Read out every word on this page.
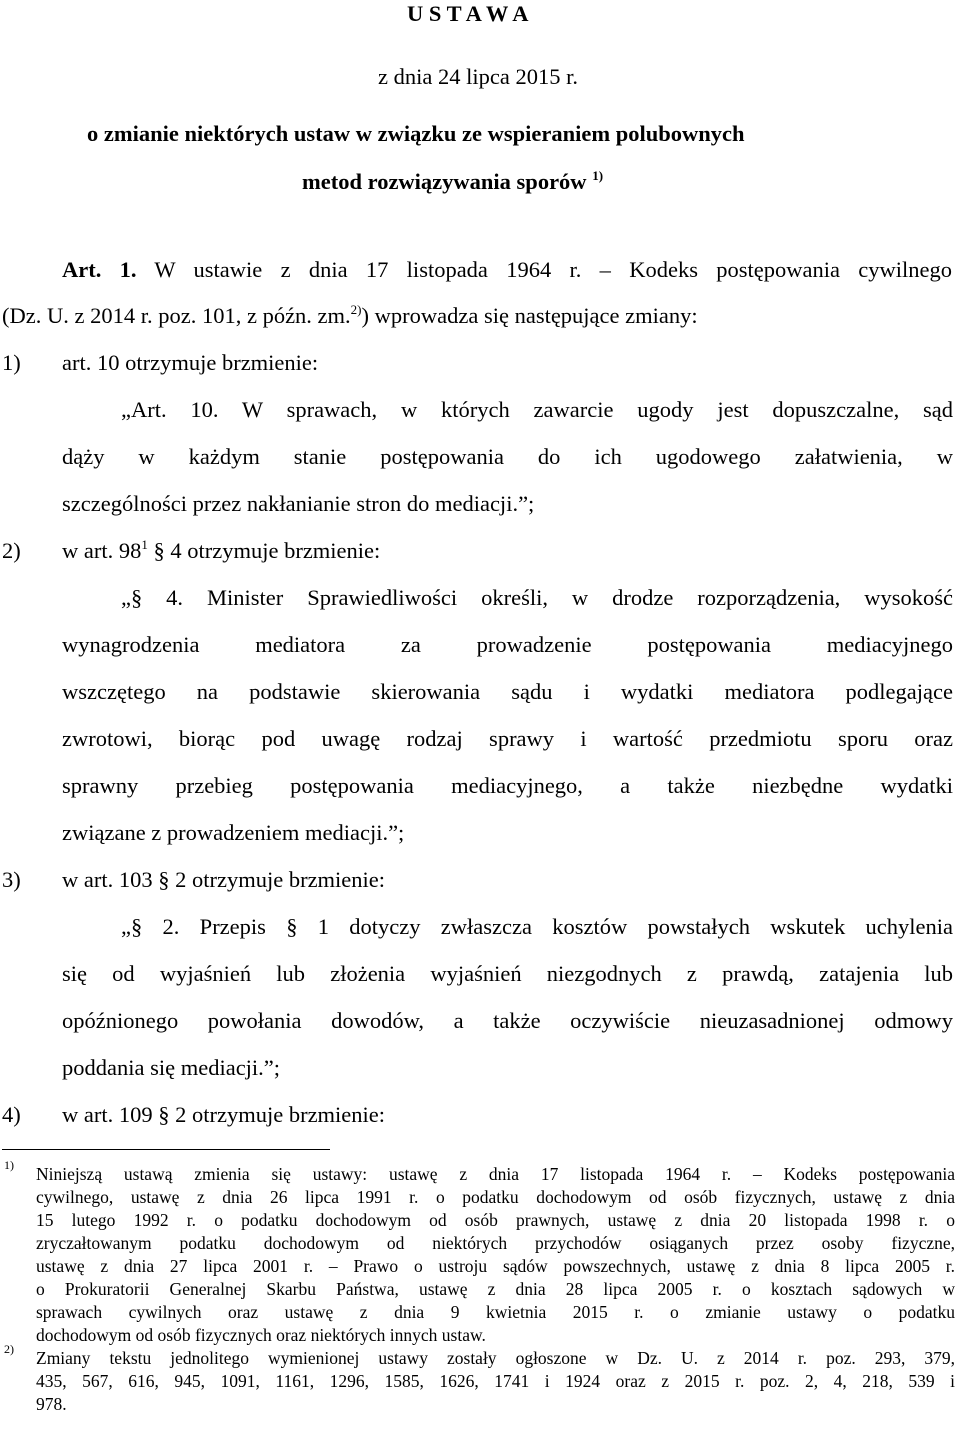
U S T A W A
z dnia 24 lipca 2015 r.
o zmianie niektórych ustaw w związku ze wspieraniem polubownych
metod rozwiązywania sporów $^{1)}$
Art. 1. W ustawie z dnia 17 listopada 1964 r. – Kodeks postępowania cywilnego
(Dz. U. z 2014 r. poz. 101, z późn. zm.$^{2)}$) wprowadza się następujące zmiany:
1) art. 10 otrzymuje brzmienie:
„Art. 10. W sprawach, w których zawarcie ugody jest dopuszczalne, sąd
dąży w każdym stanie postępowania do ich ugodowego załatwienia, w
szczególności przez nakłanianie stron do mediacji.”;
2) w art. $98^1$ § 4 otrzymuje brzmienie:
„§ 4. Minister Sprawiedliwości określi, w drodze rozporządzenia, wysokość
wynagrodzenia mediatora za prowadzenie postępowania mediacyjnego
wszczętego na podstawie skierowania sądu i wydatki mediatora podlegające
zwrotowi, biorąc pod uwagę rodzaj sprawy i wartość przedmiotu sporu oraz
sprawny przebieg postępowania mediacyjnego, a także niezbędne wydatki
związane z prowadzeniem mediacji.”;
3) w art. 103 § 2 otrzymuje brzmienie:
„§ 2. Przepis § 1 dotyczy zwłaszcza kosztów powstałych wskutek uchylenia
się od wyjaśnień lub złożenia wyjaśnień niezgodnych z prawdą, zatajenia lub
opóźnionego powołania dowodów, a także oczywiście nieuzasadnionej odmowy
poddania się mediacji.”;
4) w art. 109 § 2 otrzymuje brzmienie:
1) Niniejszą ustawą zmienia się ustawy: ustawę z dnia 17 listopada 1964 r. – Kodeks postępowania
cywilnego, ustawę z dnia 26 lipca 1991 r. o podatku dochodowym od osób fizycznych, ustawę z dnia
15 lutego 1992 r. o podatku dochodowym od osób prawnych, ustawę z dnia 20 listopada 1998 r. o
zryczałtowanym podatku dochodowym od niektórych przychodów osiąganych przez osoby fizyczne,
ustawę z dnia 27 lipca 2001 r. – Prawo o ustroju sądów powszechnych, ustawę z dnia 8 lipca 2005 r.
o Prokuratorii Generalnej Skarbu Państwa, ustawę z dnia 28 lipca 2005 r. o kosztach sądowych w
sprawach cywilnych oraz ustawę z dnia 9 kwietnia 2015 r. o zmianie ustawy o podatku
dochodowym od osób fizycznych oraz niektórych innych ustaw.
2) Zmiany tekstu jednolitego wymienionej ustawy zostały ogłoszone w Dz. U. z 2014 r. poz. 293, 379,
435, 567, 616, 945, 1091, 1161, 1296, 1585, 1626, 1741 i 1924 oraz z 2015 r. poz. 2, 4, 218, 539 i
978.
